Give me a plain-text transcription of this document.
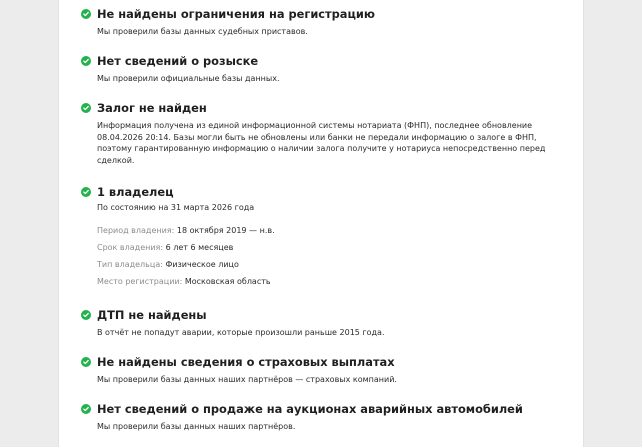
Не найдены ограничения на регистрацию
Мы проверили базы данных судебных приставов.
Нет сведений о розыске
Мы проверили официальные базы данных.
Залог не найден
Информация получена из единой информационной системы нотариата (ФНП), последнее обновление 08.04.2026 20:14. Базы могли быть не обновлены или банки не передали информацию о залоге в ФНП, поэтому гарантированную информацию о наличии залога получите у нотариуса непосредственно перед сделкой.
1 владелец
По состоянию на 31 марта 2026 года
Период владения: 18 октября 2019 — н.в.
Срок владения: 6 лет 6 месяцев
Тип владельца: Физическое лицо
Место регистрации: Московская область
ДТП не найдены
В отчёт не попадут аварии, которые произошли раньше 2015 года.
Не найдены сведения о страховых выплатах
Мы проверили базы данных наших партнёров — страховых компаний.
Нет сведений о продаже на аукционах аварийных автомобилей
Мы проверили базы данных наших партнёров.
